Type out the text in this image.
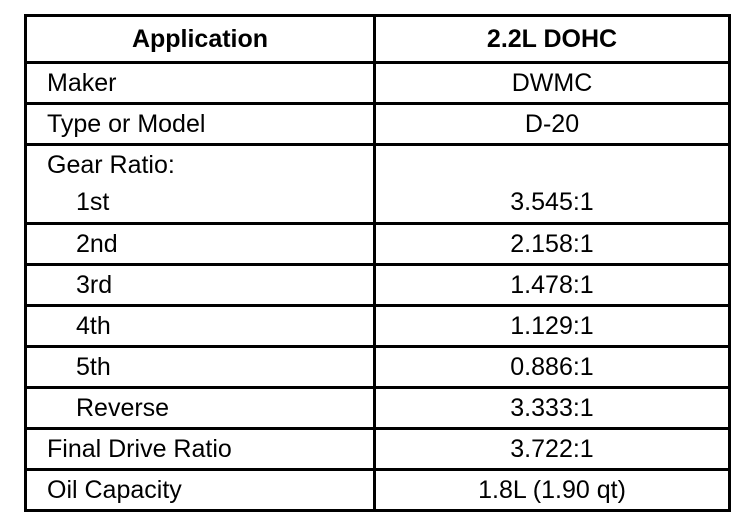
Application	2.2L DOHC
Maker	DWMC
Type or Model	D-20

Gear Ratio:
1st	3.545:1

2nd	2.158:1
3rd	1.478:1
4th	1.129:1
5th	0.886:1
Reverse	3.333:1
Final Drive Ratio	3.722:1
Oil Capacity	1.8L (1.90 qt)
